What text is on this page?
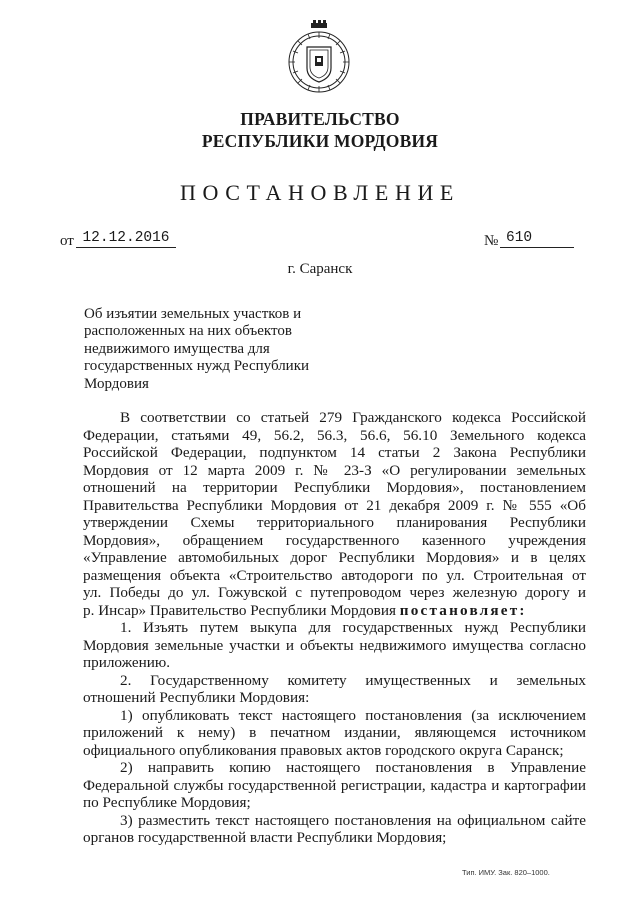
ПРАВИТЕЛЬСТВО
РЕСПУБЛИКИ МОРДОВИЯ
ПОСТАНОВЛЕНИЕ
от 12.12.2016	№ 610
г. Саранск
Об изъятии земельных участков и
расположенных на них объектов
недвижимого имущества для
государственных нужд Республики
Мордовия
В соответствии со статьей 279 Гражданского кодекса Российской
Федерации, статьями 49, 56.2, 56.3, 56.6, 56.10 Земельного кодекса
Российской Федерации, подпунктом 14 статьи 2 Закона Республики
Мордовия от 12 марта 2009 г. № 23-З «О регулировании земельных
отношений на территории Республики Мордовия», постановлением
Правительства Республики Мордовия от 21 декабря 2009 г. № 555 «Об
утверждении Схемы территориального планирования Республики
Мордовия», обращением государственного казенного учреждения
«Управление автомобильных дорог Республики Мордовия» и в целях
размещения объекта «Строительство автодороги по ул. Строительная от
ул. Победы до ул. Гожувской с путепроводом через железную дорогу и
р. Инсар» Правительство Республики Мордовия постановляет:
1. Изъять путем выкупа для государственных нужд Республики
Мордовия земельные участки и объекты недвижимого имущества согласно
приложению.
2. Государственному комитету имущественных и земельных
отношений Республики Мордовия:
1) опубликовать текст настоящего постановления (за исключением
приложений к нему) в печатном издании, являющемся источником
официального опубликования правовых актов городского округа Саранск;
2) направить копию настоящего постановления в Управление
Федеральной службы государственной регистрации, кадастра и картографии
по Республике Мордовия;
3) разместить текст настоящего постановления на официальном сайте
органов государственной власти Республики Мордовия;
Тип. ИМУ. Зак. 820–1000.
